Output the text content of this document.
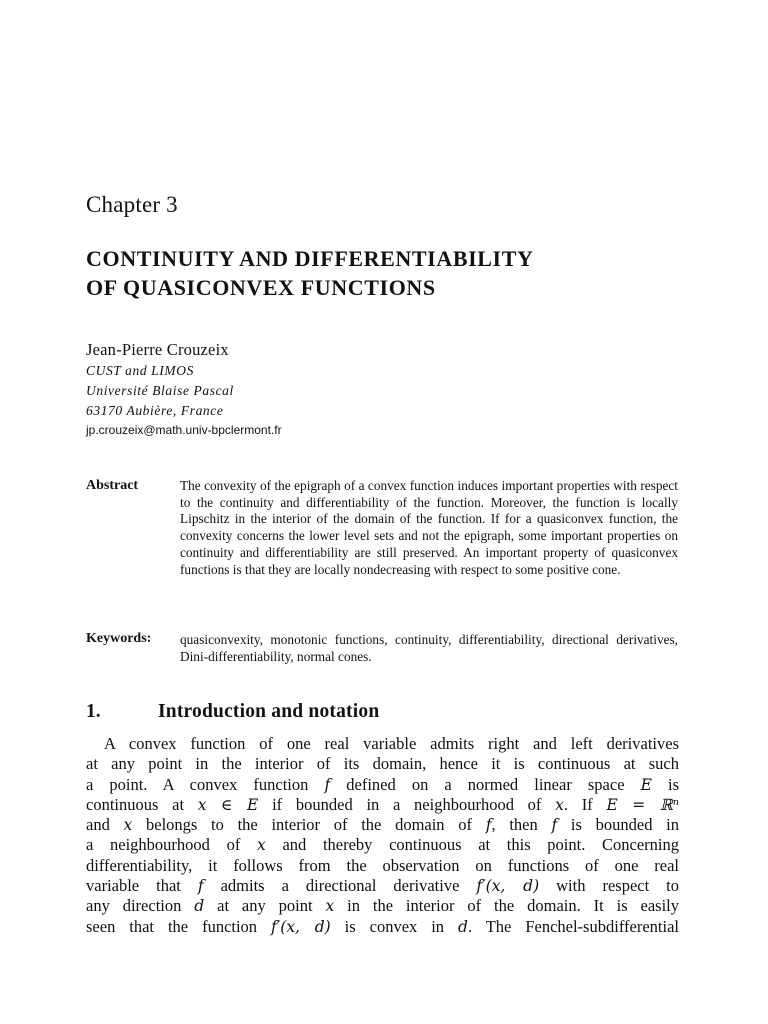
Chapter 3
CONTINUITY AND DIFFERENTIABILITY
OF QUASICONVEX FUNCTIONS
Jean-Pierre Crouzeix
CUST and LIMOS
Université Blaise Pascal
63170 Aubière, France
jp.crouzeix@math.univ-bpclermont.fr
Abstract	The convexity of the epigraph of a convex function induces important properties with respect to the continuity and differentiability of the function. Moreover, the function is locally Lipschitz in the interior of the domain of the function. If for a quasiconvex function, the convexity concerns the lower level sets and not the epigraph, some important properties on continuity and differentiability are still preserved. An important property of quasiconvex functions is that they are locally nondecreasing with respect to some positive cone.
Keywords: quasiconvexity, monotonic functions, continuity, differentiability, directional derivatives, Dini-differentiability, normal cones.
1.	Introduction and notation
A convex function of one real variable admits right and left derivatives
at any point in the interior of its domain, hence it is continuous at such
a point. A convex function f defined on a normed linear space E is
continuous at x ∈ E if bounded in a neighbourhood of x. If E = ℝⁿ
and x belongs to the interior of the domain of f, then f is bounded in
a neighbourhood of x and thereby continuous at this point. Concerning
differentiability, it follows from the observation on functions of one real
variable that f admits a directional derivative f′(x, d) with respect to
any direction d at any point x in the interior of the domain. It is easily
seen that the function f′(x, d) is convex in d. The Fenchel-subdifferential
